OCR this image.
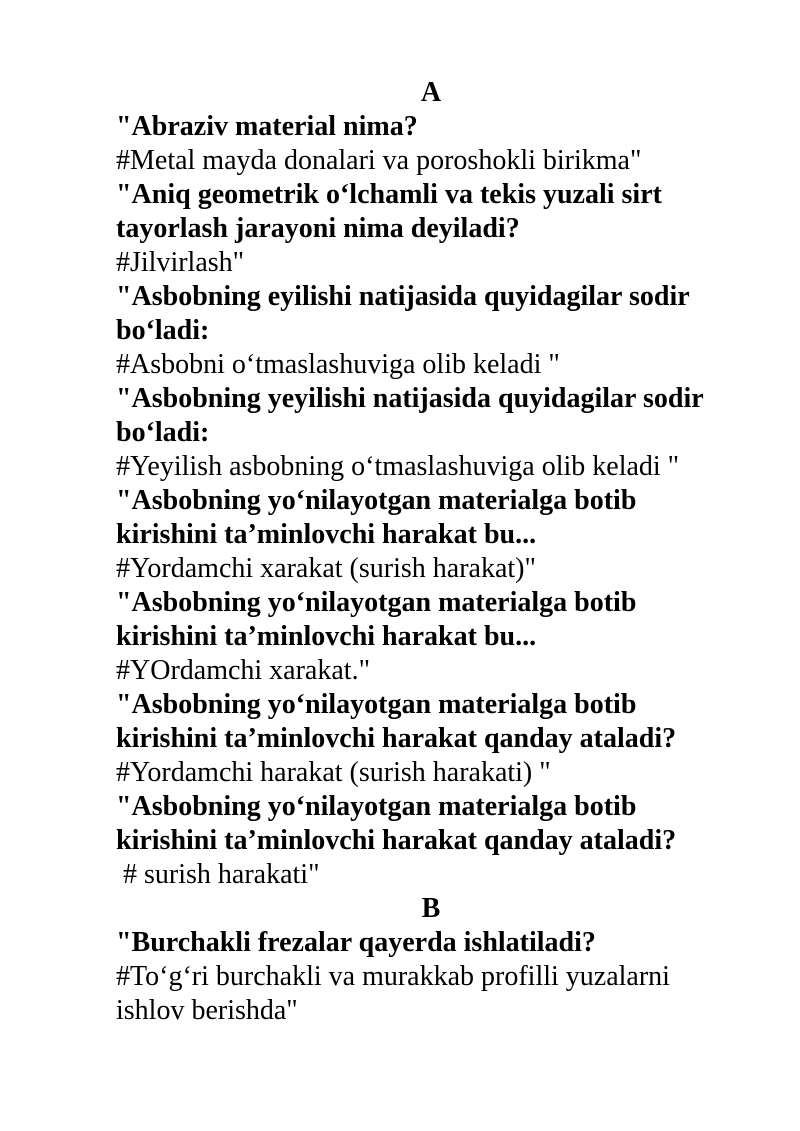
A

"Abraziv material nima?

#Metal mayda donalari va poroshokli birikma"

"Aniq geometrik o‘lchamli va tekis yuzali sirt

tayorlash jarayoni nima deyiladi?

#Jilvirlash"

"Asbobning eyilishi natijasida quyidagilar sodir

bo‘ladi:

#Asbobni o‘tmaslashuviga olib keladi "

"Asbobning yeyilishi natijasida quyidagilar sodir

bo‘ladi:

#Yeyilish asbobning o‘tmaslashuviga olib keladi "

"Asbobning yo‘nilayotgan materialga botib

kirishini ta’minlovchi harakat bu...

#Yordamchi xarakat (surish harakat)"

"Asbobning yo‘nilayotgan materialga botib

kirishini ta’minlovchi harakat bu...

#YOrdamchi xarakat."

"Asbobning yo‘nilayotgan materialga botib

kirishini ta’minlovchi harakat qanday ataladi?

#Yordamchi harakat (surish harakati) "

"Asbobning yo‘nilayotgan materialga botib

kirishini ta’minlovchi harakat qanday ataladi?

# surish harakati"

B

"Burchakli frezalar qayerda ishlatiladi?

#To‘g‘ri burchakli va murakkab profilli yuzalarni

ishlov berishda"
